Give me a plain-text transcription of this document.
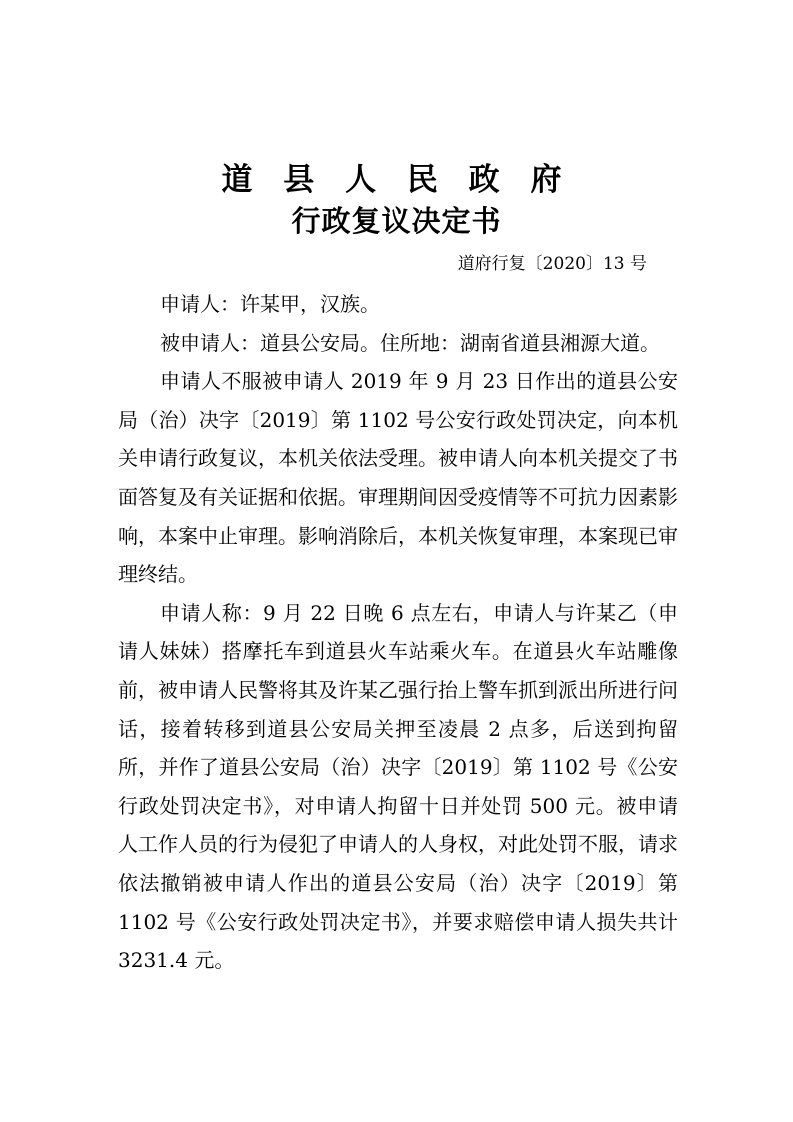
道 县 人 民 政 府
行政复议决定书
道府行复〔2020〕13 号

申请人：许某甲，汉族。

被申请人：道县公安局。住所地：湖南省道县湘源大道。

申请人不服被申请人 2019 年 9 月 23 日作出的道县公安局（治）决字〔2019〕第 1102 号公安行政处罚决定，向本机关申请行政复议，本机关依法受理。被申请人向本机关提交了书面答复及有关证据和依据。审理期间因受疫情等不可抗力因素影响，本案中止审理。影响消除后，本机关恢复审理，本案现已审理终结。

申请人称：9 月 22 日晚 6 点左右，申请人与许某乙（申请人妹妹）搭摩托车到道县火车站乘火车。在道县火车站雕像前，被申请人民警将其及许某乙强行抬上警车抓到派出所进行问话，接着转移到道县公安局关押至凌晨 2 点多，后送到拘留所，并作了道县公安局（治）决字〔2019〕第 1102 号《公安行政处罚决定书》，对申请人拘留十日并处罚 500 元。被申请人工作人员的行为侵犯了申请人的人身权，对此处罚不服，请求依法撤销被申请人作出的道县公安局（治）决字〔2019〕第 1102 号《公安行政处罚决定书》，并要求赔偿申请人损失共计 3231.4 元。
